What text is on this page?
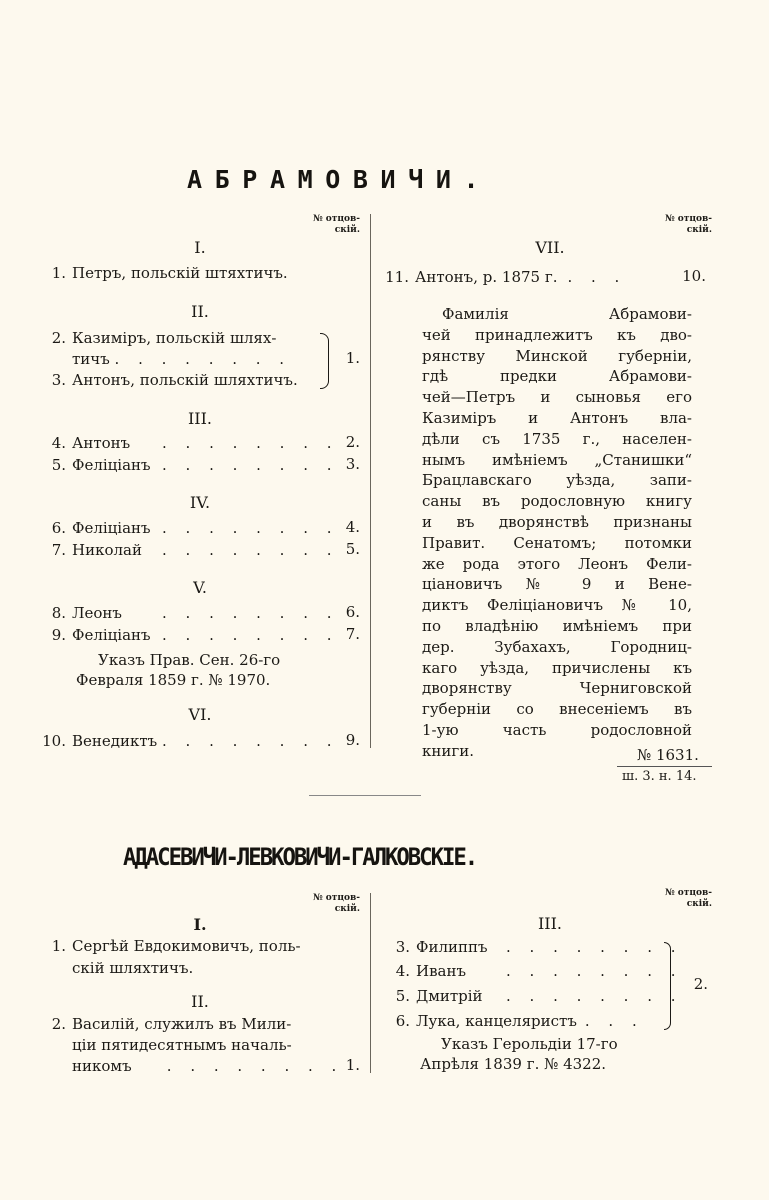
АБРАМОВИЧИ.
№ отцов-
скій.
I.
1. Петръ, польскій штяхтичъ.
II.
2. Казиміръ, польскій шлях-
тичъ . . . . . . . .
3. Антонъ, польскій шляхтичъ.
1.
III.
4. Антонъ	. . . . . . . . 2.
5. Феліціанъ . . . . . . . . 3.
IV.
6. Феліціанъ . . . . . . . . 4.
7. Николай	. . . . . . . . 5.
V.
8. Леонъ	. . . . . . . . 6.
9. Феліціанъ . . . . . . . . 7.
Указъ Прав. Сен. 26-го
Февраля 1859 г. № 1970.
VI.
10. Венедиктъ . . . . . . . . 9.
№ отцов-
скій.
VII.
11. Антонъ, р. 1875 г. . . .	10.
Фамилія Абрамови-
чей принадлежитъ къ дво-
рянству Минской губерніи,
гдѣ предки Абрамови-
чей—Петръ и сыновья его
Казиміръ и Антонъ вла-
дѣли съ 1735 г., населен-
нымъ имѣніемъ „Станишки“
Брацлавскаго уѣзда, запи-
саны въ родословную книгу
и въ дворянствѣ признаны
Правит. Сенатомъ; потомки
же рода этого Леонъ Фели-
ціановичъ № 9 и Вене-
диктъ Феліціановичъ № 10,
по владѣнію имѣніемъ при
дер. Зубахахъ, Городниц-
каго уѣзда, причислены къ
дворянству Черниговской
губерніи со внесеніемъ въ
1-ую часть родословной
книги.	№ 1631.
ш. 3. н. 14.
АДАСЕВИЧИ-ЛЕВКОВИЧИ-ГАЛКОВСКІЕ.
№ отцов-
скій.
I.
1. Сергѣй Евдокимовичъ, поль-
скій шляхтичъ.
II.
2. Василій, служилъ въ Мили-
ціи пятидесятнымъ началь-
никомъ . . . . . . . . 1.
№ отцов-
скій.
III.
3. Филиппъ	. . . . . . . .
4. Иванъ	. . . . . . . .
5. Дмитрій	. . . . . . . .
6. Лука, канцеляристъ . . .
2.
Указъ Герольдіи 17-го
Апрѣля 1839 г. № 4322.
